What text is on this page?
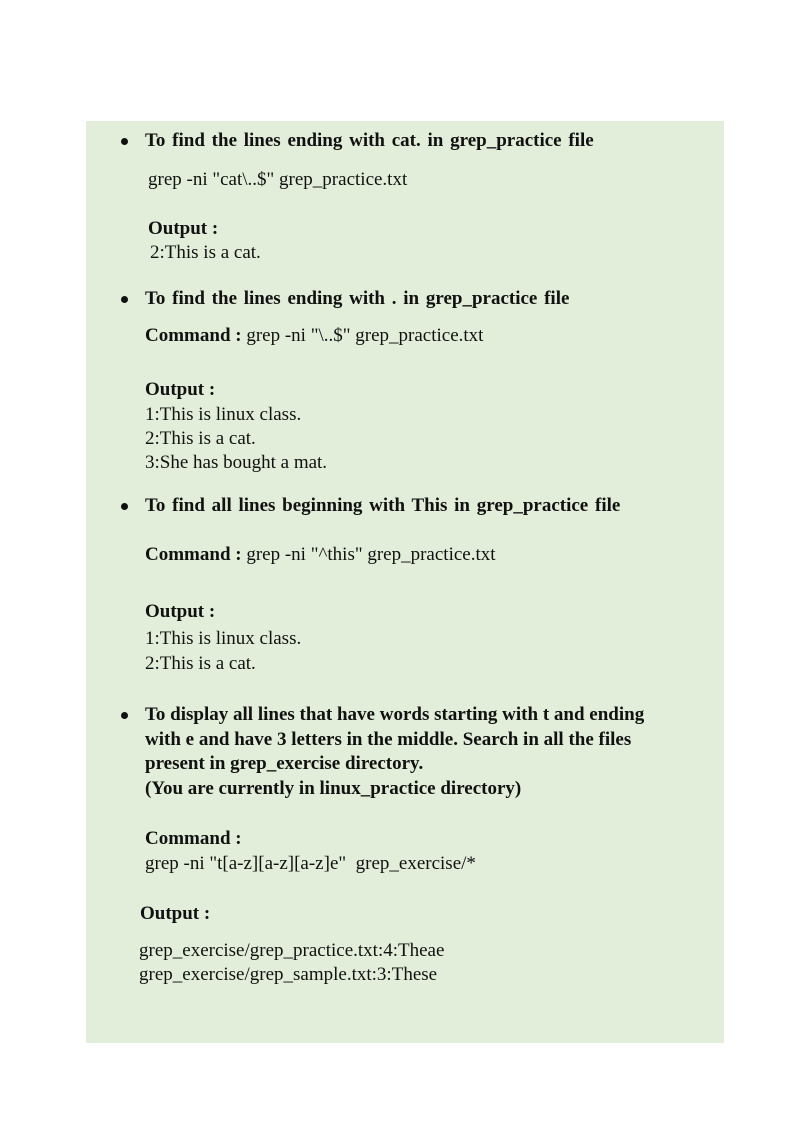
To find the lines ending with cat. in grep_practice file
grep -ni "cat\..$" grep_practice.txt
Output :
2:This is a cat.
To find the lines ending with . in grep_practice file
Command : grep -ni "\..$" grep_practice.txt
Output :
1:This is linux class.
2:This is a cat.
3:She has bought a mat.
To find all lines beginning with This in grep_practice file
Command : grep -ni "^this" grep_practice.txt
Output :
1:This is linux class.
2:This is a cat.
To display all lines that have words starting with t and ending
with e and have 3 letters in the middle. Search in all the files
present in grep_exercise directory.
(You are currently in linux_practice directory)
Command :
grep -ni "t[a-z][a-z][a-z]e"  grep_exercise/*
Output :
grep_exercise/grep_practice.txt:4:Theae
grep_exercise/grep_sample.txt:3:These
